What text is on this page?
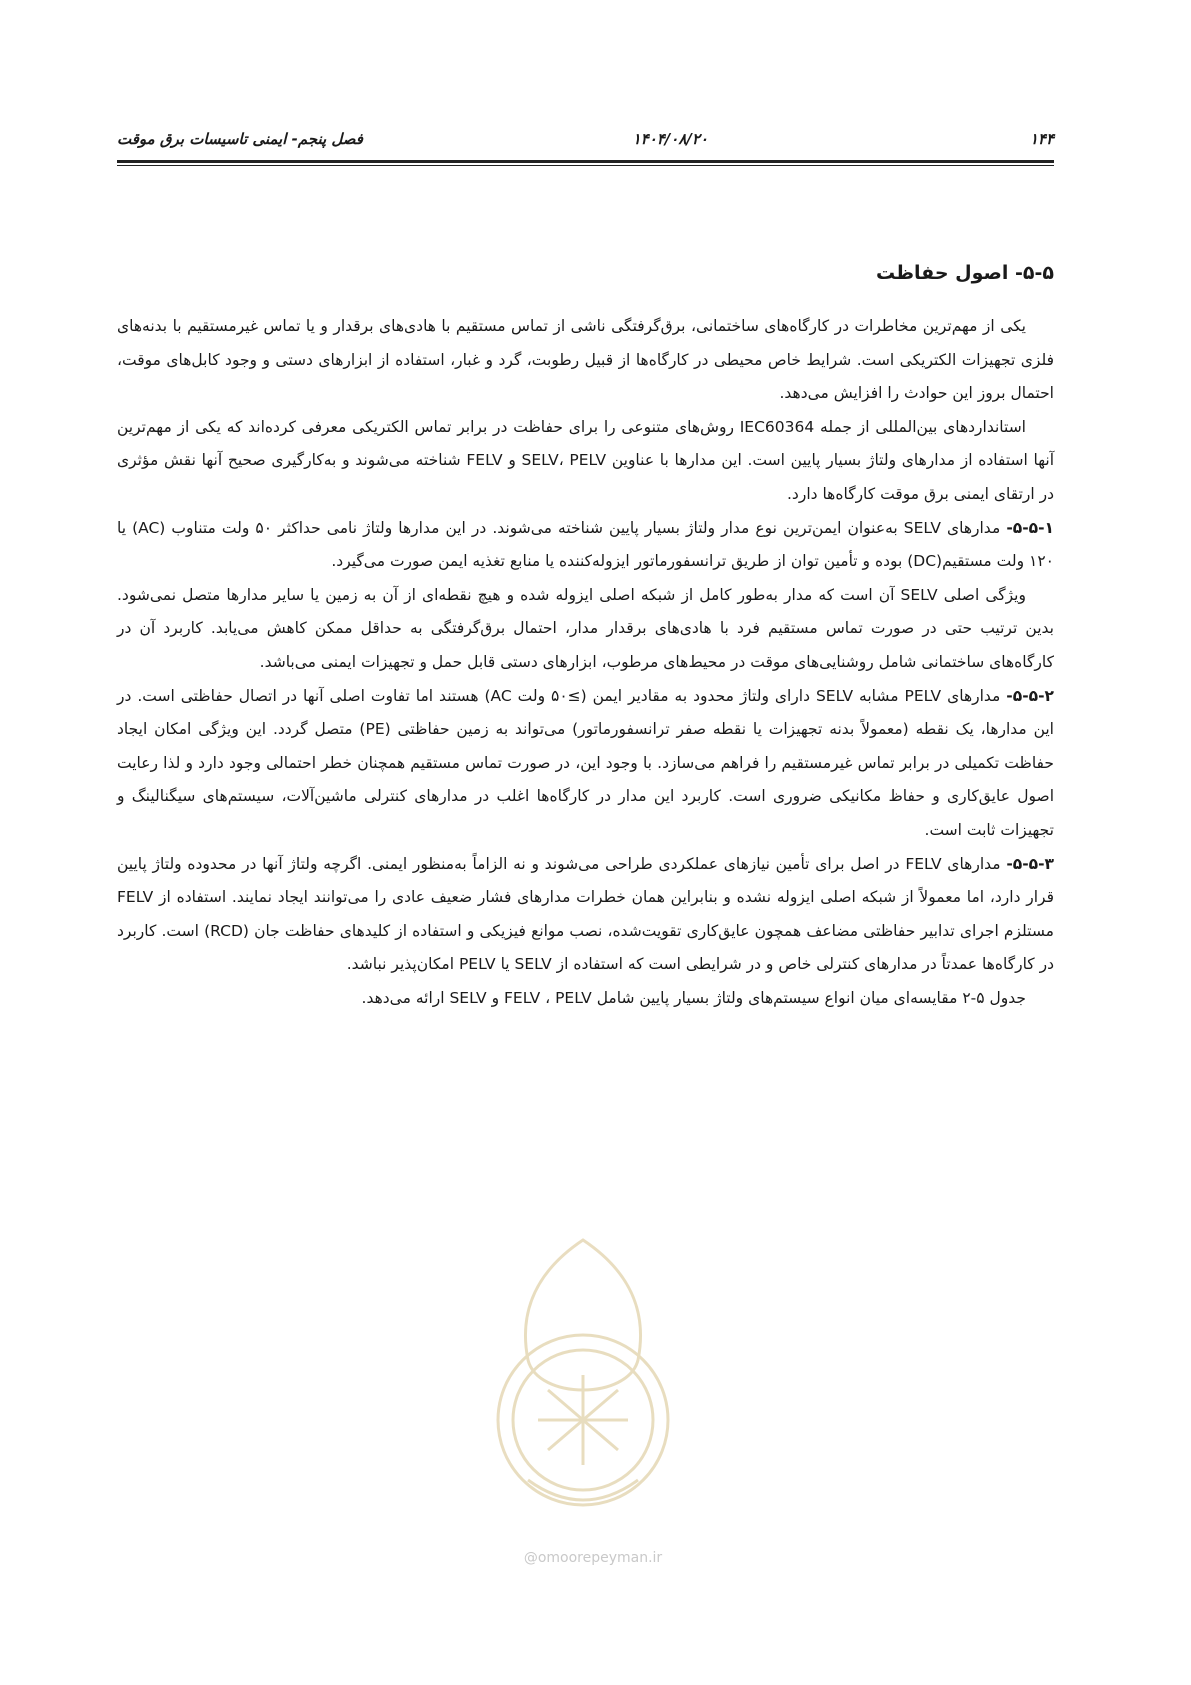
۱۴۴
۱۴۰۴/۰۸/۲۰
فصل پنجم- ایمنی تاسیسات برق موقت

۵-۵- اصول حفاظت

یکی از مهم‌ترین مخاطرات در کارگاه‌های ساختمانی، برق‌گرفتگی ناشی از تماس مستقیم با هادی‌های برقدار و یا تماس غیرمستقیم با بدنه‌های فلزی تجهیزات الکتریکی است. شرایط خاص محیطی در کارگاه‌ها از قبیل رطوبت، گرد و غبار، استفاده از ابزارهای دستی و وجود کابل‌های موقت، احتمال بروز این حوادث را افزایش می‌دهد.

استانداردهای بین‌المللی از جمله IEC60364 روش‌های متنوعی را برای حفاظت در برابر تماس الکتریکی معرفی کرده‌اند که یکی از مهم‌ترین آنها استفاده از مدارهای ولتاژ بسیار پایین است. این مدارها با عناوین SELV، PELV و FELV شناخته می‌شوند و به‌کارگیری صحیح آنها نقش مؤثری در ارتقای ایمنی برق موقت کارگاه‌ها دارد.

۵-۵-۱- مدارهای SELV به‌عنوان ایمن‌ترین نوع مدار ولتاژ بسیار پایین شناخته می‌شوند. در این مدارها ولتاژ نامی حداکثر ۵۰ ولت متناوب (AC) یا ۱۲۰ ولت مستقیم(DC) بوده و تأمین توان از طریق ترانسفورماتور ایزوله‌کننده یا منابع تغذیه ایمن صورت می‌گیرد.

ویژگی اصلی SELV آن است که مدار به‌طور کامل از شبکه اصلی ایزوله شده و هیچ نقطه‌ای از آن به زمین یا سایر مدارها متصل نمی‌شود. بدین ترتیب حتی در صورت تماس مستقیم فرد با هادی‌های برقدار مدار، احتمال برق‌گرفتگی به حداقل ممکن کاهش می‌یابد. کاربرد آن در کارگاه‌های ساختمانی شامل روشنایی‌های موقت در محیط‌های مرطوب، ابزارهای دستی قابل حمل و تجهیزات ایمنی می‌باشد.

۵-۵-۲- مدارهای PELV مشابه SELV دارای ولتاژ محدود به مقادیر ایمن (≥۵۰ ولت AC) هستند اما تفاوت اصلی آنها در اتصال حفاظتی است. در این مدارها، یک نقطه (معمولاً بدنه تجهیزات یا نقطه صفر ترانسفورماتور) می‌تواند به زمین حفاظتی (PE) متصل گردد. این ویژگی امکان ایجاد حفاظت تکمیلی در برابر تماس غیرمستقیم را فراهم می‌سازد. با وجود این، در صورت تماس مستقیم همچنان خطر احتمالی وجود دارد و لذا رعایت اصول عایق‌کاری و حفاظ مکانیکی ضروری است. کاربرد این مدار در کارگاه‌ها اغلب در مدارهای کنترلی ماشین‌آلات، سیستم‌های سیگنالینگ و تجهیزات ثابت است.

۵-۵-۳- مدارهای FELV در اصل برای تأمین نیازهای عملکردی طراحی می‌شوند و نه الزاماً به‌منظور ایمنی. اگرچه ولتاژ آنها در محدوده ولتاژ پایین قرار دارد، اما معمولاً از شبکه اصلی ایزوله نشده و بنابراین همان خطرات مدارهای فشار ضعیف عادی را می‌توانند ایجاد نمایند. استفاده از FELV مستلزم اجرای تدابیر حفاظتی مضاعف همچون عایق‌کاری تقویت‌شده، نصب موانع فیزیکی و استفاده از کلیدهای حفاظت جان (RCD) است. کاربرد در کارگاه‌ها عمدتاً در مدارهای کنترلی خاص و در شرایطی است که استفاده از SELV یا PELV امکان‌پذیر نباشد.

جدول ۵-۲ مقایسه‌ای میان انواع سیستم‌های ولتاژ بسیار پایین شامل FELV ، PELV و SELV ارائه می‌دهد.

@omoorepeyman.ir
